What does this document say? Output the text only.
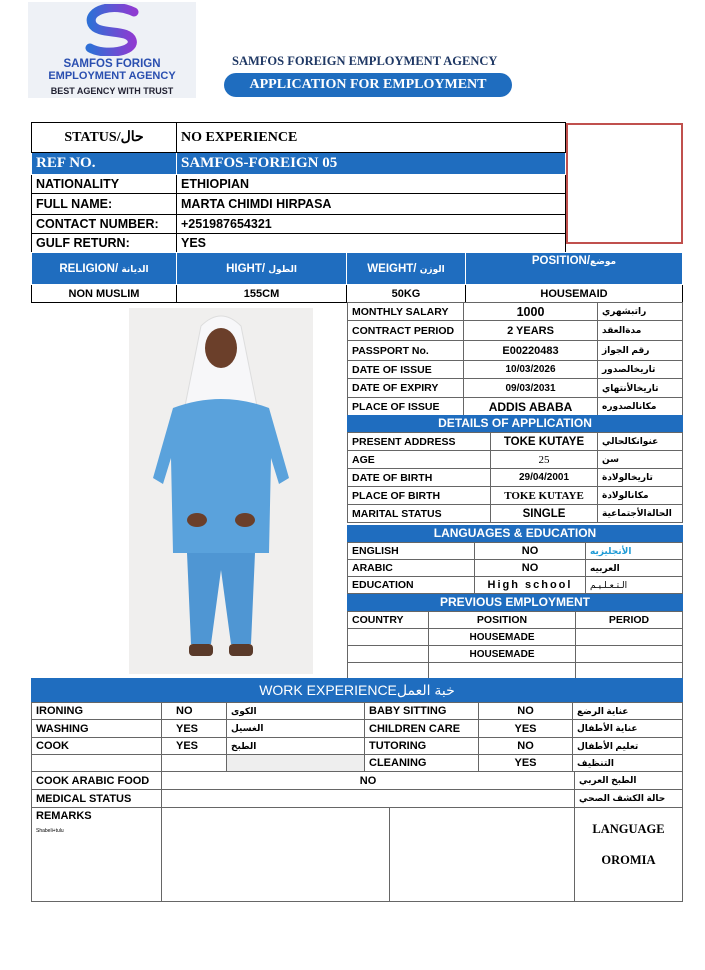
SAMFOS FORIGN
EMPLOYMENT AGENCY
BEST AGENCY WITH TRUST
SAMFOS FOREIGN EMPLOYMENT AGENCY
APPLICATION FOR EMPLOYMENT
STATUS/حال	NO EXPERIENCE
REF NO.	SAMFOS-FOREIGN 05
NATIONALITY	ETHIOPIAN
FULL NAME:	MARTA CHIMDI HIRPASA
CONTACT NUMBER:	+251987654321
GULF RETURN:	YES
RELIGION/ الديانة	HIGHT/ الطول	WEIGHT/ الوزن	POSITION/موضع
NON MUSLIM	155CM	50KG	HOUSEMAID
MONTHLY SALARY	1000	راتبشهري
CONTRACT PERIOD	2 YEARS	مدةالعقد
PASSPORT No.	E00220483	رقم الجواز
DATE OF ISSUE	10/03/2026	تاريخالصدور
DATE OF EXPIRY	09/03/2031	تاريخالأنتهاي
PLACE OF ISSUE	ADDIS ABABA	مكانالصدوره
DETAILS OF APPLICATION
PRESENT ADDRESS	TOKE KUTAYE	عنوانكالحالي
AGE	25	سن
DATE OF BIRTH	29/04/2001	تاريخالولادة
PLACE OF BIRTH	TOKE KUTAYE	مكانالولادة
MARITAL STATUS	SINGLE	الحالةالأجتماعية
LANGUAGES & EDUCATION
ENGLISH	NO	الأنجليزيه
ARABIC	NO	العربيه
EDUCATION	High school	الـتـعـلـيـم
PREVIOUS EMPLOYMENT
COUNTRY	POSITION	PERIOD
	HOUSEMADE	
	HOUSEMADE	

WORK EXPERIENCEخبة العمل
IRONING	NO	الكوى	BABY SITTING	NO	عناية الرضع
WASHING	YES	الغسيل	CHILDREN CARE	YES	عناية الأطفال
COOK	YES	الطبخ	TUTORING	NO	تعليم الأطفال
			CLEANING	YES	التنظيف
COOK ARABIC FOOD	NO	الطبخ العربي
MEDICAL STATUS		حالة الكشف الصحي
REMARKS
Shabeli+tulu			LANGUAGE
OROMIA
